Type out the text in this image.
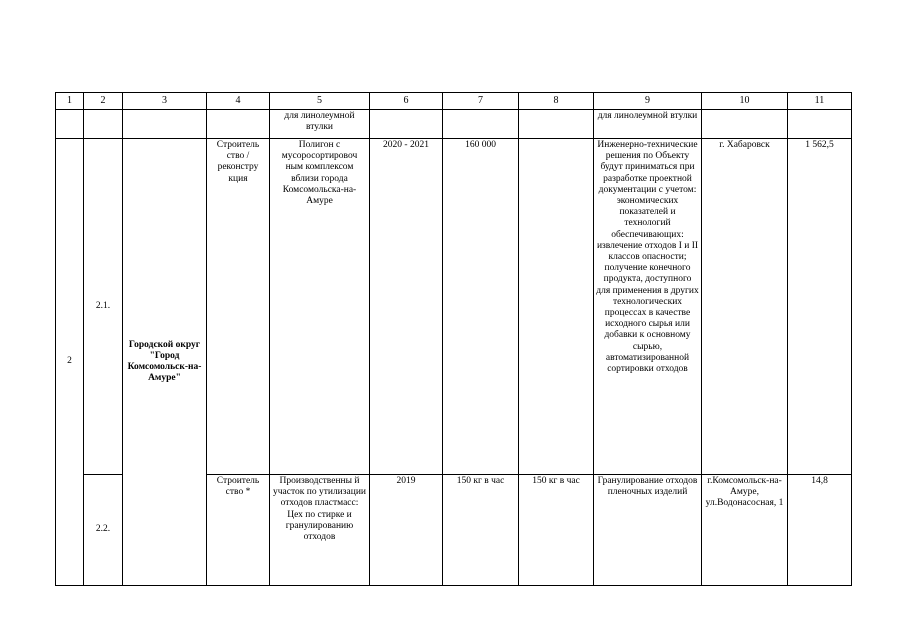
1	2	3	4	5	6	7	8	9	10	11
				для линолеумной втулки				для линолеумной втулки		
2	2.1.	Городской округ "Город Комсомольск-на-Амуре"	Строитель ство / реконстру кция	Полигон с мусоросортировоч ным комплексом вблизи города Комсомольска-на-Амуре	2020 - 2021	160 000		Инженерно-технические решения по Объекту будут приниматься при разработке проектной документации с учетом: экономических показателей и технологий обеспечивающих: извлечение отходов I и II классов опасности; получение конечного продукта, доступного для применения в других технологических процессах в качестве исходного сырья или добавки к основному сырью, автоматизированной сортировки отходов	г. Хабаровск	1 562,5
	2.2.		Строитель ство *	Производственны й участок по утилизации отходов пластмасс: Цех по стирке и гранулированию отходов	2019	150 кг в час	150 кг в час	Гранулирование отходов пленочных изделий	г.Комсомольск-на-Амуре, ул.Водонасосная, 1	14,8
